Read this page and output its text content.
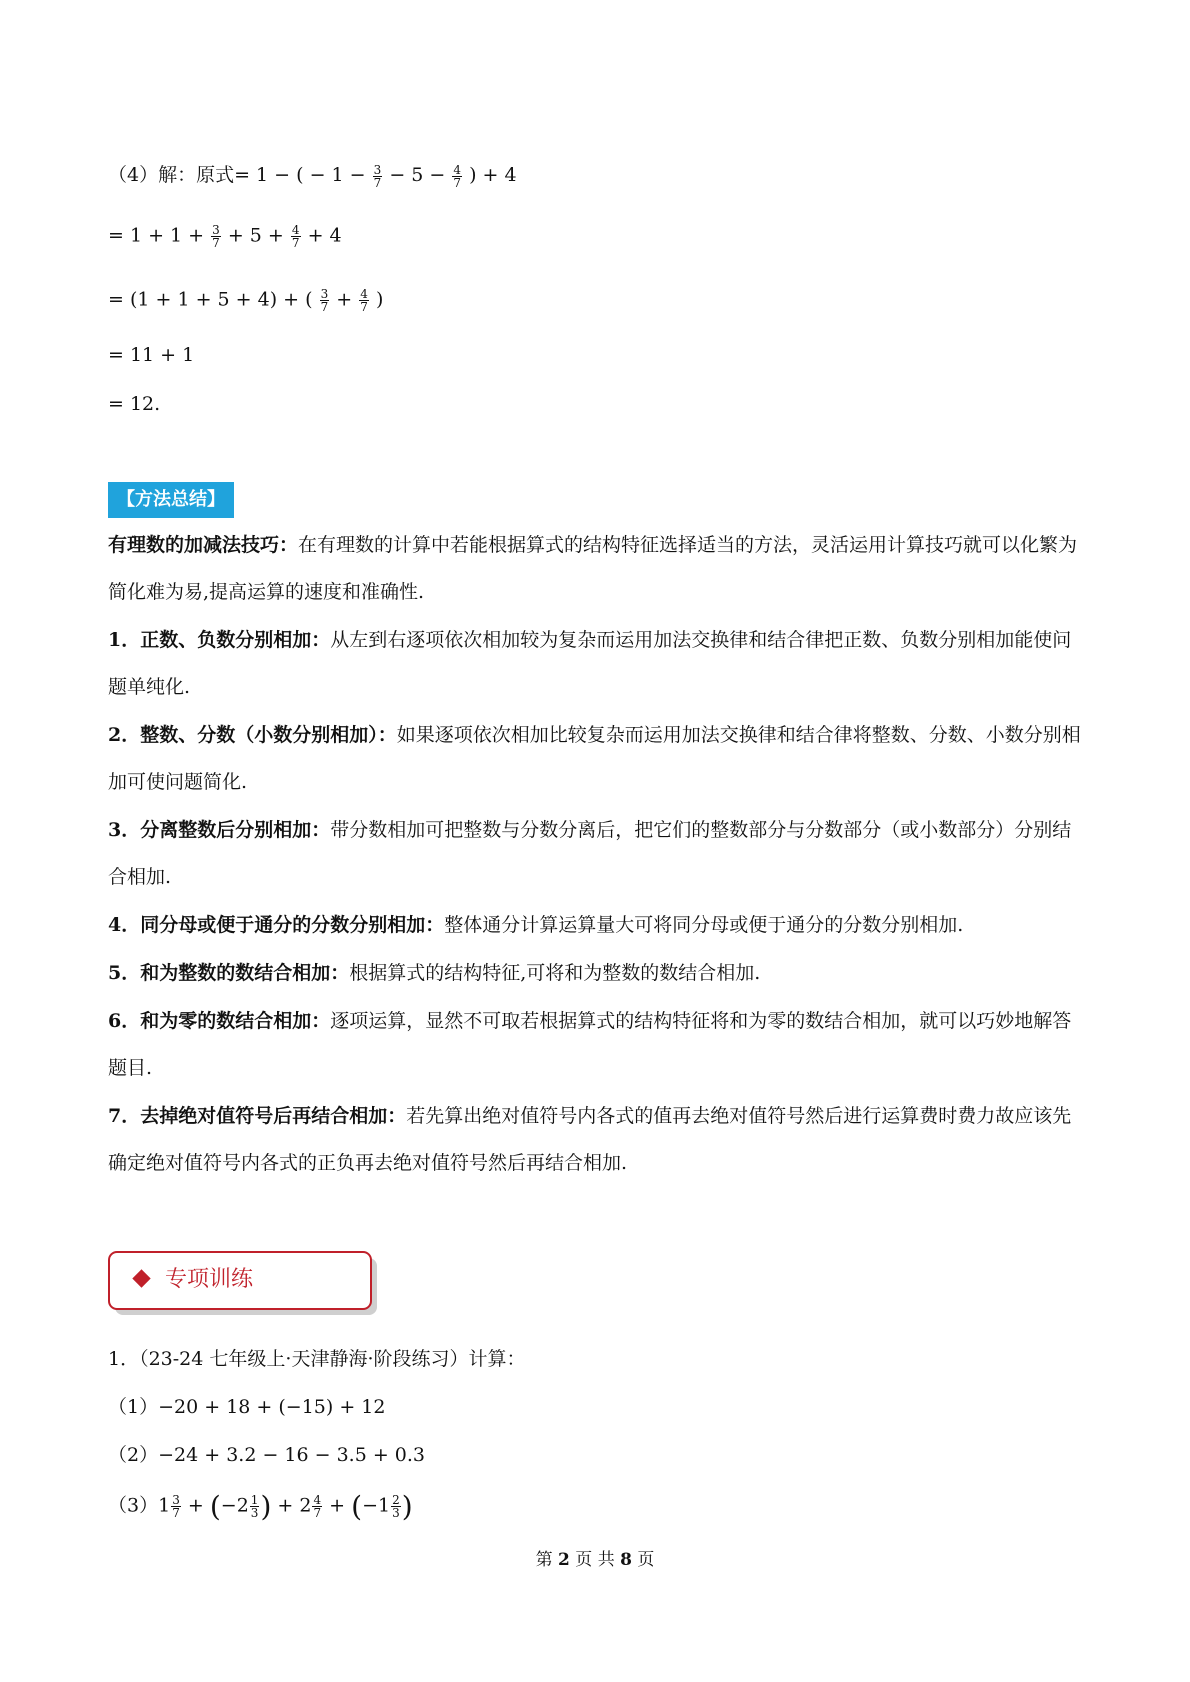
（4）解：原式= 1 − ( − $1 - \frac{3}{7} - 5 - \frac{4}{7}$ ) + 4
= $1 + 1 + \frac{3}{7} + 5 + \frac{4}{7} + 4$
= (1 + 1 + 5 + 4) + ( $\frac{3}{7} + \frac{4}{7}$ )
= 11 + 1
= 12.
【方法总结】
有理数的加减法技巧：在有理数的计算中若能根据算式的结构特征选择适当的方法，灵活运用计算技巧就可以化繁为简化难为易,提高运算的速度和准确性.
1．正数、负数分别相加：从左到右逐项依次相加较为复杂而运用加法交换律和结合律把正数、负数分别相加能使问题单纯化.
2．整数、分数（小数分别相加）：如果逐项依次相加比较复杂而运用加法交换律和结合律将整数、分数、小数分别相加可使问题简化.
3．分离整数后分别相加：带分数相加可把整数与分数分离后，把它们的整数部分与分数部分（或小数部分）分别结合相加.
4．同分母或便于通分的分数分别相加：整体通分计算运算量大可将同分母或便于通分的分数分别相加.
5．和为整数的数结合相加：根据算式的结构特征,可将和为整数的数结合相加.
6．和为零的数结合相加：逐项运算，显然不可取若根据算式的结构特征将和为零的数结合相加，就可以巧妙地解答题目.
7．去掉绝对值符号后再结合相加：若先算出绝对值符号内各式的值再去绝对值符号然后进行运算费时费力故应该先确定绝对值符号内各式的正负再去绝对值符号然后再结合相加.
专项训练
1．（23-24 七年级上·天津静海·阶段练习）计算：
（1）−20 + 18 + (−15) + 12
（2）−24 + 3.2 − 16 − 3.5 + 0.3
$(3)1 \frac{3}{7} + (-2 \frac{1}{3}$ ) + $2 \frac{4}{7} + (-1 \frac{2}{3}$ )
第 2 页 共 8 页
